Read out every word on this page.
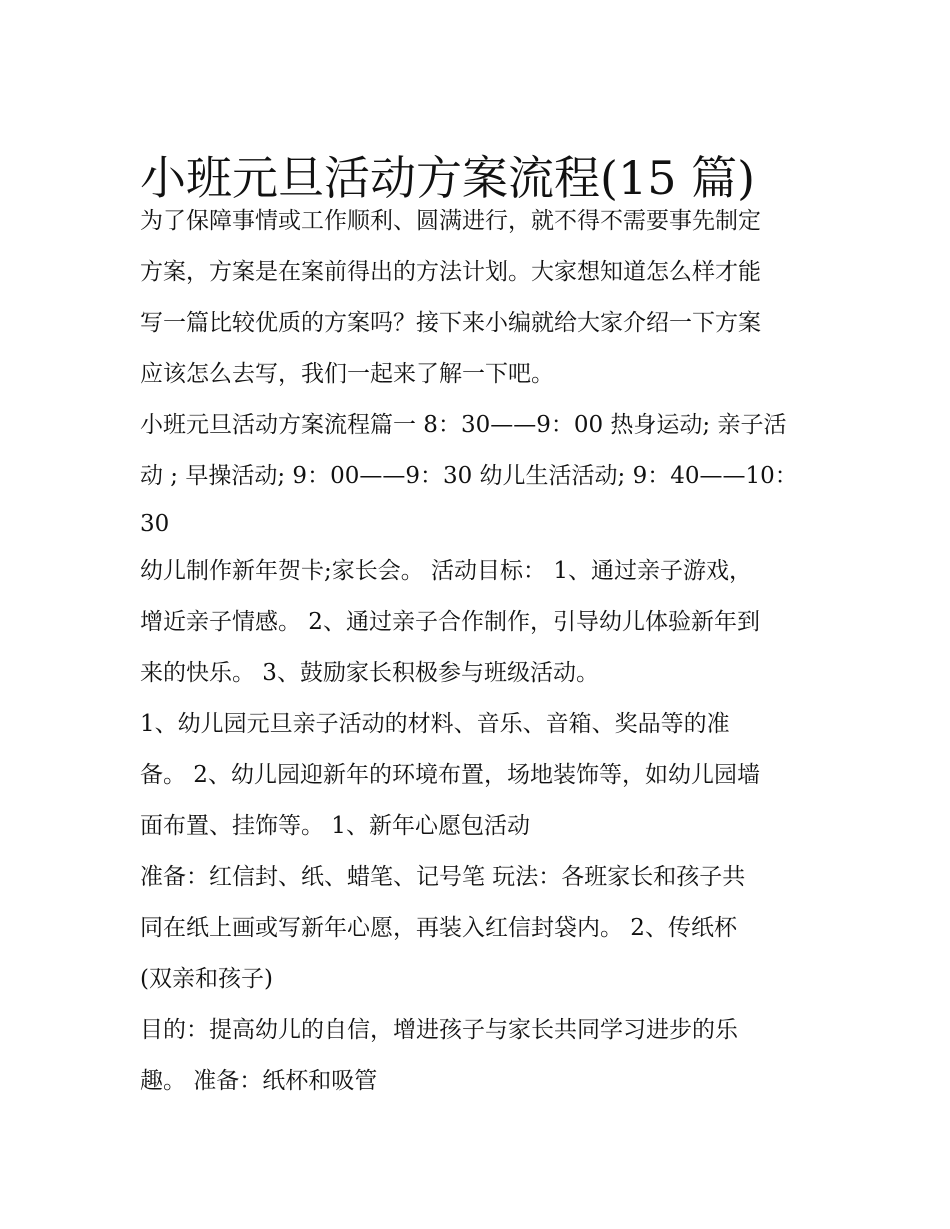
小班元旦活动方案流程(15 篇)
为了保障事情或工作顺利、圆满进行，就不得不需要事先制定
方案，方案是在案前得出的方法计划。大家想知道怎么样才能
写一篇比较优质的方案吗？接下来小编就给大家介绍一下方案
应该怎么去写，我们一起来了解一下吧。
小班元旦活动方案流程篇一 8：30——9：00 热身运动; 亲子活
动 ; 早操活动; 9：00——9：30 幼儿生活活动; 9：40——10：
30
幼儿制作新年贺卡;家长会。 活动目标： 1、通过亲子游戏，
增近亲子情感。 2、通过亲子合作制作，引导幼儿体验新年到
来的快乐。 3、鼓励家长积极参与班级活动。
1、幼儿园元旦亲子活动的材料、音乐、音箱、奖品等的准
备。 2、幼儿园迎新年的环境布置，场地装饰等，如幼儿园墙
面布置、挂饰等。 1、新年心愿包活动
准备：红信封、纸、蜡笔、记号笔 玩法：各班家长和孩子共
同在纸上画或写新年心愿，再装入红信封袋内。 2、传纸杯
(双亲和孩子)
目的：提高幼儿的自信，增进孩子与家长共同学习进步的乐
趣。 准备：纸杯和吸管
